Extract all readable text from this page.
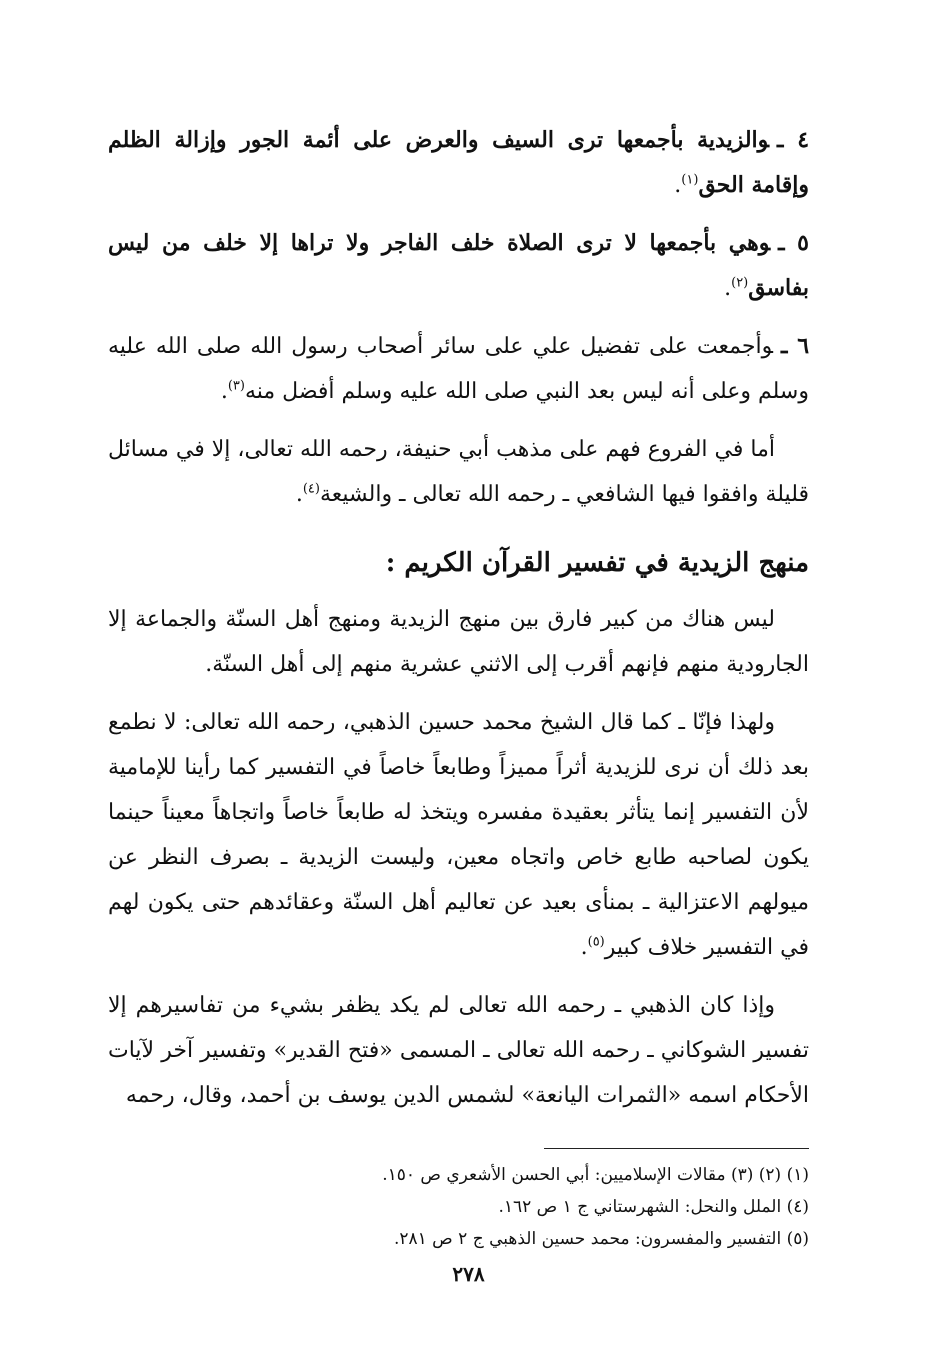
٤ ـوالزيدية بأجمعها ترى السيف والعرض على أئمة الجور وإزالة الظلم وإقامة الحق$^{(١)}$.

٥ ـوهي بأجمعها لا ترى الصلاة خلف الفاجر ولا تراها إلا خلف من ليس بفاسق$^{(٢)}$.

٦ ـوأجمعت على تفضيل علي على سائر أصحاب رسول الله صلى الله عليه وسلم وعلى أنه ليس بعد النبي صلى الله عليه وسلم أفضل منه$^{(٣)}$.

أما في الفروع فهم على مذهب أبي حنيفة، رحمه الله تعالى، إلا في مسائل قليلة وافقوا فيها الشافعي ـ رحمه الله تعالى ـ والشيعة$^{(٤)}$.

منهج الزيدية في تفسير القرآن الكريم :

ليس هناك من كبير فارق بين منهج الزيدية ومنهج أهل السنّة والجماعة إلا الجارودية منهم فإنهم أقرب إلى الاثني عشرية منهم إلى أهل السنّة.

ولهذا فإنّا ـ كما قال الشيخ محمد حسين الذهبي، رحمه الله تعالى: لا نطمع بعد ذلك أن نرى للزيدية أثراً مميزاً وطابعاً خاصاً في التفسير كما رأينا للإمامية لأن التفسير إنما يتأثر بعقيدة مفسره ويتخذ له طابعاً خاصاً واتجاهاً معيناً حينما يكون لصاحبه طابع خاص واتجاه معين، وليست الزيدية ـ بصرف النظر عن ميولهم الاعتزالية ـ بمنأى بعيد عن تعاليم أهل السنّة وعقائدهم حتى يكون لهم في التفسير خلاف كبير$^{(٥)}$.

وإذا كان الذهبي ـ رحمه الله تعالى لم يكد يظفر بشيء من تفاسيرهم إلا تفسير الشوكاني ـ رحمه الله تعالى ـ المسمى «فتح القدير» وتفسير آخر لآيات الأحكام اسمه «الثمرات اليانعة» لشمس الدين يوسف بن أحمد، وقال، رحمه

(١) (٢) (٣) مقالات الإسلاميين: أبي الحسن الأشعري ص ١٥٠.

(٤) الملل والنحل: الشهرستاني ج ١ ص ١٦٢.

(٥) التفسير والمفسرون: محمد حسين الذهبي ج ٢ ص ٢٨١.

٢٧٨
